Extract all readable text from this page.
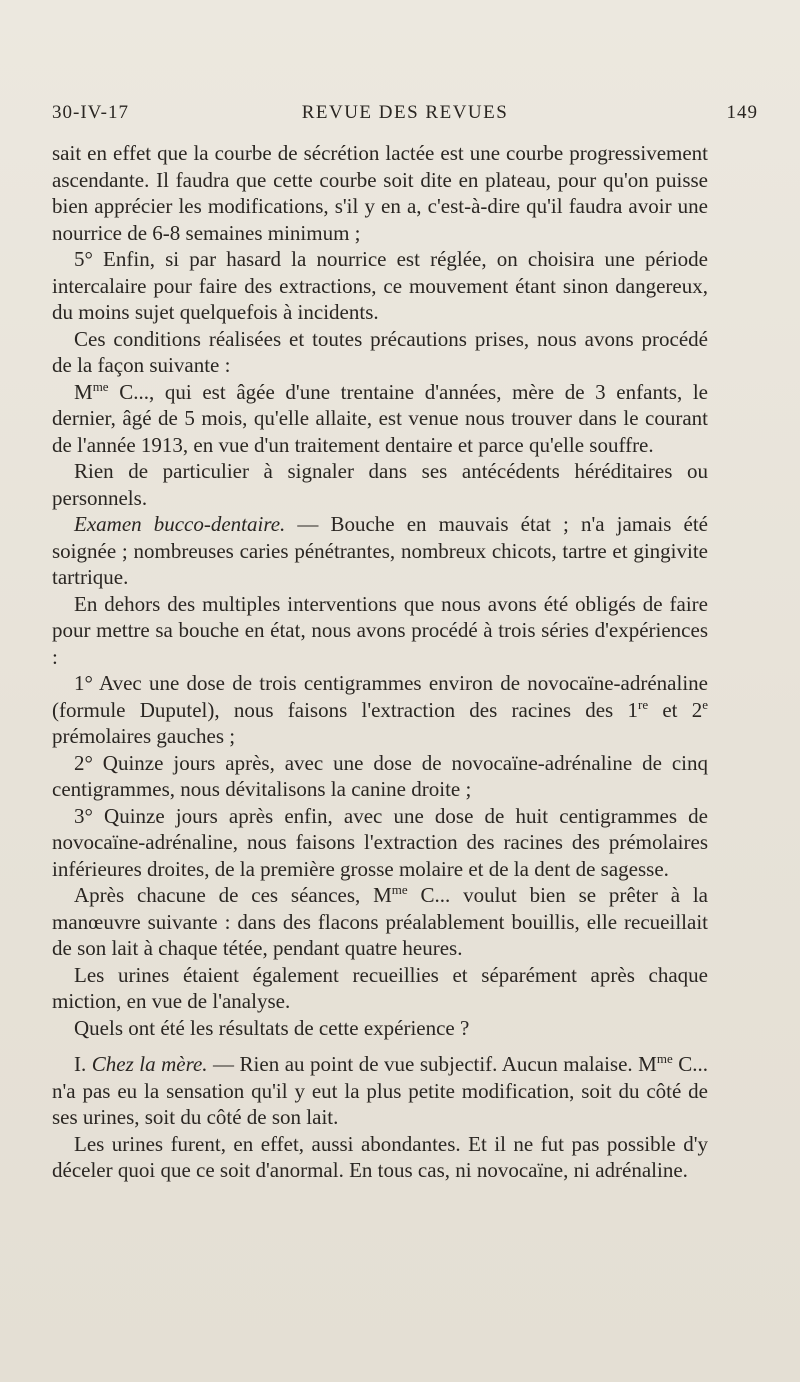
30-IV-17	REVUE DES REVUES	149

sait en effet que la courbe de sécrétion lactée est une courbe progressivement ascendante. Il faudra que cette courbe soit dite en plateau, pour qu'on puisse bien apprécier les modifications, s'il y en a, c'est-à-dire qu'il faudra avoir une nourrice de 6-8 semaines minimum ;

5° Enfin, si par hasard la nourrice est réglée, on choisira une période intercalaire pour faire des extractions, ce mouvement étant sinon dangereux, du moins sujet quelquefois à incidents.

Ces conditions réalisées et toutes précautions prises, nous avons procédé de la façon suivante :

$M^{me}$ C..., qui est âgée d'une trentaine d'années, mère de 3 enfants, le dernier, âgé de 5 mois, qu'elle allaite, est venue nous trouver dans le courant de l'année 1913, en vue d'un traitement dentaire et parce qu'elle souffre.

Rien de particulier à signaler dans ses antécédents héréditaires ou personnels.

Examen bucco-dentaire. — Bouche en mauvais état ; n'a jamais été soignée ; nombreuses caries pénétrantes, nombreux chicots, tartre et gingivite tartrique.

En dehors des multiples interventions que nous avons été obligés de faire pour mettre sa bouche en état, nous avons procédé à trois séries d'expériences :

1° Avec une dose de trois centigrammes environ de novocaïne-adrénaline (formule Duputel), nous faisons l'extraction des racines des 1re et 2e prémolaires gauches ;

2° Quinze jours après, avec une dose de novocaïne-adrénaline de cinq centigrammes, nous dévitalisons la canine droite ;

3° Quinze jours après enfin, avec une dose de huit centigrammes de novocaïne-adrénaline, nous faisons l'extraction des racines des prémolaires inférieures droites, de la première grosse molaire et de la dent de sagesse.

Après chacune de ces séances, $M^{me}$ C... voulut bien se prêter à la manœuvre suivante : dans des flacons préalablement bouillis, elle recueillait de son lait à chaque tétée, pendant quatre heures.

Les urines étaient également recueillies et séparément après chaque miction, en vue de l'analyse.

Quels ont été les résultats de cette expérience ?

I. Chez la mère. — Rien au point de vue subjectif. Aucun malaise. $M^{me}$ C... n'a pas eu la sensation qu'il y eut la plus petite modification, soit du côté de ses urines, soit du côté de son lait.

Les urines furent, en effet, aussi abondantes. Et il ne fut pas possible d'y déceler quoi que ce soit d'anormal. En tous cas, ni novocaïne, ni adrénaline.
